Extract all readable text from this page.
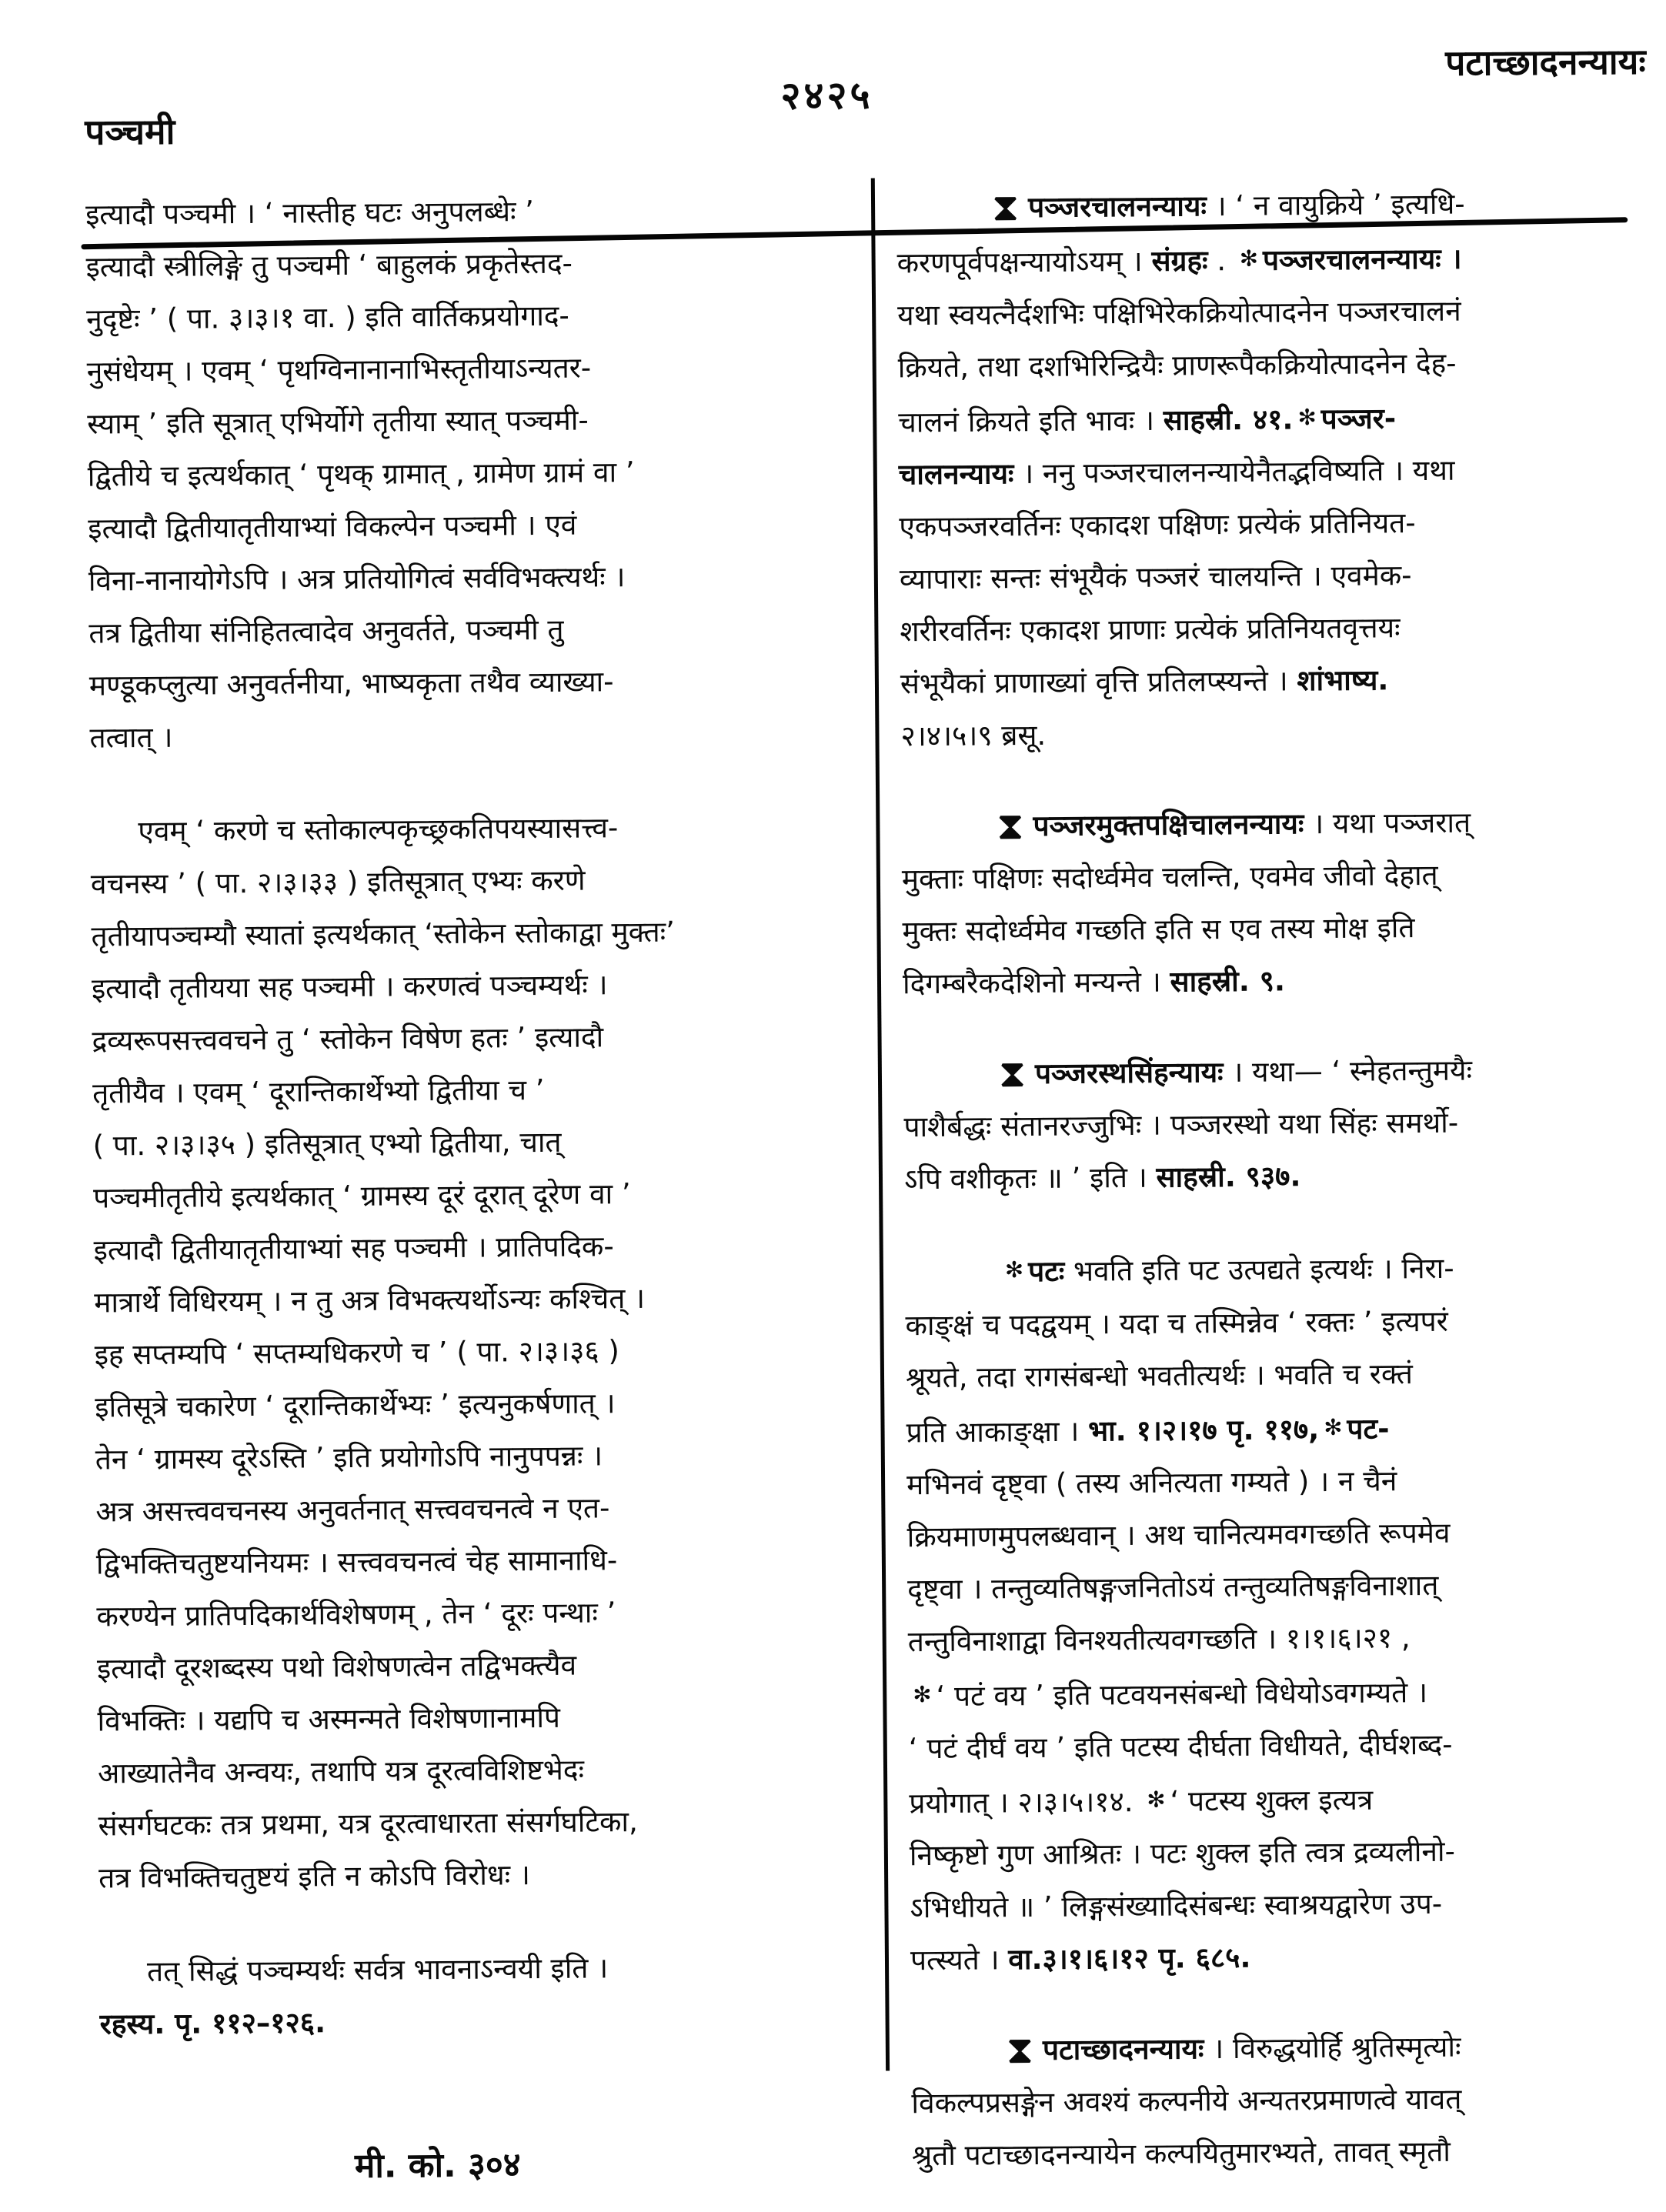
पञ्चमी
२४२५
पटाच्छादनन्यायः
इत्यादौ पञ्चमी । ‘ नास्तीह घटः अनुपलब्धेः ’
इत्यादौ स्त्रीलिङ्गे तु पञ्चमी ‘ बाहुलकं प्रकृतेस्तद-
नुदृष्टेः ’ ( पा. ३।३।१ वा. ) इति वार्तिकप्रयोगाद-
नुसंधेयम् । एवम् ‘ पृथग्विनानानाभिस्तृतीयाऽन्यतर-
स्याम् ’ इति सूत्रात् एभिर्योगे तृतीया स्यात् पञ्चमी-
द्वितीये च इत्यर्थकात् ‘ पृथक् ग्रामात् , ग्रामेण ग्रामं वा ’
इत्यादौ द्वितीयातृतीयाभ्यां विकल्पेन पञ्चमी । एवं
विना-नानायोगेऽपि । अत्र प्रतियोगित्वं सर्वविभक्त्यर्थः ।
तत्र द्वितीया संनिहितत्वादेव अनुवर्तते, पञ्चमी तु
मण्डूकप्लुत्या अनुवर्तनीया, भाष्यकृता तथैव व्याख्या-
तत्वात् ।
एवम् ‘ करणे च स्तोकाल्पकृच्छ्रकतिपयस्यासत्त्व-
वचनस्य ’ ( पा. २।३।३३ ) इतिसूत्रात् एभ्यः करणे
तृतीयापञ्चम्यौ स्यातां इत्यर्थकात् ‘स्तोकेन स्तोकाद्वा मुक्तः’
इत्यादौ तृतीयया सह पञ्चमी । करणत्वं पञ्चम्यर्थः ।
द्रव्यरूपसत्त्ववचने तु ‘ स्तोकेन विषेण हतः ’ इत्यादौ
तृतीयैव । एवम् ‘ दूरान्तिकार्थेभ्यो द्वितीया च ’
( पा. २।३।३५ ) इतिसूत्रात् एभ्यो द्वितीया, चात्
पञ्चमीतृतीये इत्यर्थकात् ‘ ग्रामस्य दूरं दूरात् दूरेण वा ’
इत्यादौ द्वितीयातृतीयाभ्यां सह पञ्चमी । प्रातिपदिक-
मात्रार्थे विधिरयम् । न तु अत्र विभक्त्यर्थोऽन्यः कश्चित् ।
इह सप्तम्यपि ‘ सप्तम्यधिकरणे च ’ ( पा. २।३।३६ )
इतिसूत्रे चकारेण ‘ दूरान्तिकार्थेभ्यः ’ इत्यनुकर्षणात् ।
तेन ‘ ग्रामस्य दूरेऽस्ति ’ इति प्रयोगोऽपि नानुपपन्नः ।
अत्र असत्त्ववचनस्य अनुवर्तनात् सत्त्ववचनत्वे न एत-
द्विभक्तिचतुष्टयनियमः । सत्त्ववचनत्वं चेह सामानाधि-
करण्येन प्रातिपदिकार्थविशेषणम् , तेन ‘ दूरः पन्थाः ’
इत्यादौ दूरशब्दस्य पथो विशेषणत्वेन तद्विभक्त्यैव
विभक्तिः । यद्यपि च अस्मन्मते विशेषणानामपि
आख्यातेनैव अन्वयः, तथापि यत्र दूरत्वविशिष्टभेदः
संसर्गघटकः तत्र प्रथमा, यत्र दूरत्वाधारता संसर्गघटिका,
तत्र विभक्तिचतुष्टयं इति न कोऽपि विरोधः ।
तत् सिद्धं पञ्चम्यर्थः सर्वत्र भावनाऽन्वयी इति ।
रहस्य. पृ. ११२–१२६.
⧗ पञ्जरचालनन्यायः । ‘ न वायुक्रिये ’ इत्यधि-
करणपूर्वपक्षन्यायोऽयम् । संग्रहः . ✻ पञ्जरचालनन्यायः ।
यथा स्वयत्नैर्दशभिः पक्षिभिरेकक्रियोत्पादनेन पञ्जरचालनं
क्रियते, तथा दशभिरिन्द्रियैः प्राणरूपैकक्रियोत्पादनेन देह-
चालनं क्रियते इति भावः । साहस्री. ४१. ✻ पञ्जर-
चालनन्यायः । ननु पञ्जरचालनन्यायेनैतद्भविष्यति । यथा
एकपञ्जरवर्तिनः एकादश पक्षिणः प्रत्येकं प्रतिनियत-
व्यापाराः सन्तः संभूयैकं पञ्जरं चालयन्ति । एवमेक-
शरीरवर्तिनः एकादश प्राणाः प्रत्येकं प्रतिनियतवृत्तयः
संभूयैकां प्राणाख्यां वृत्ति प्रतिलप्स्यन्ते । शांभाष्य.
२।४।५।९ ब्रसू.
⧗ पञ्जरमुक्तपक्षिचालनन्यायः । यथा पञ्जरात्
मुक्ताः पक्षिणः सदोर्ध्वमेव चलन्ति, एवमेव जीवो देहात्
मुक्तः सदोर्ध्वमेव गच्छति इति स एव तस्य मोक्ष इति
दिगम्बरैकदेशिनो मन्यन्ते । साहस्री. ९.
⧗ पञ्जरस्थसिंहन्यायः । यथा— ‘ स्नेहतन्तुमयैः
पाशैर्बद्धः संतानरज्जुभिः । पञ्जरस्थो यथा सिंहः समर्थो-
ऽपि वशीकृतः ॥ ’ इति । साहस्री. ९३७.
✻ पटः भवति इति पट उत्पद्यते इत्यर्थः । निरा-
काङ्क्षं च पदद्वयम् । यदा च तस्मिन्नेव ‘ रक्तः ’ इत्यपरं
श्रूयते, तदा रागसंबन्धो भवतीत्यर्थः । भवति च रक्तं
प्रति आकाङ्क्षा । भा. १।२।१७ पृ. ११७, ✻ पट-
मभिनवं दृष्ट्वा ( तस्य अनित्यता गम्यते ) । न चैनं
क्रियमाणमुपलब्धवान् । अथ चानित्यमवगच्छति रूपमेव
दृष्ट्वा । तन्तुव्यतिषङ्गजनितोऽयं तन्तुव्यतिषङ्गविनाशात्
तन्तुविनाशाद्वा विनश्यतीत्यवगच्छति । १।१।६।२१ ,
✻ ‘ पटं वय ’ इति पटवयनसंबन्धो विधेयोऽवगम्यते ।
‘ पटं दीर्घं वय ’ इति पटस्य दीर्घता विधीयते, दीर्घशब्द-
प्रयोगात् । २।३।५।१४. ✻ ‘ पटस्य शुक्ल इत्यत्र
निष्कृष्टो गुण आश्रितः । पटः शुक्ल इति त्वत्र द्रव्यलीनो-
ऽभिधीयते ॥ ’ लिङ्गसंख्यादिसंबन्धः स्वाश्रयद्वारेण उप-
पत्स्यते । वा.३।१।६।१२ पृ. ६८५.
⧗ पटाच्छादनन्यायः । विरुद्धयोर्हि श्रुतिस्मृत्योः
विकल्पप्रसङ्गेन अवश्यं कल्पनीये अन्यतरप्रमाणत्वे यावत्
श्रुतौ पटाच्छादनन्यायेन कल्पयितुमारभ्यते, तावत् स्मृतौ
मी. को. ३०४
